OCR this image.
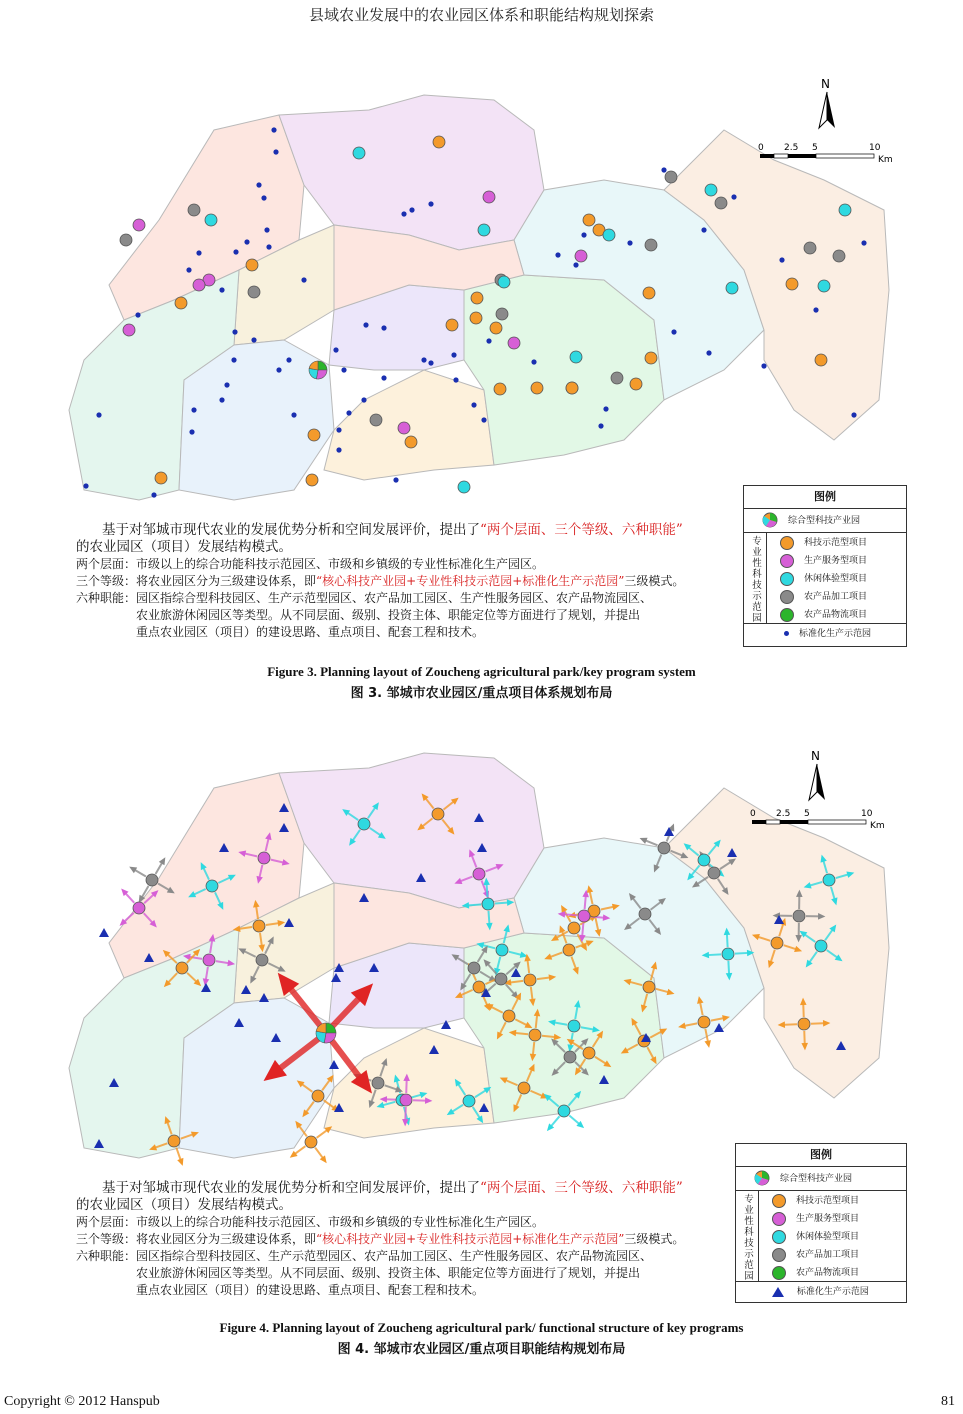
县域农业发展中的农业园区体系和职能结构规划探索
0 2.5 5	10
Km
N
基于对邹城市现代农业的发展优势分析和空间发展评价，提出了“两个层面、三个等级、六种职能”
的农业园区（项目）发展结构模式。
两个层面：市级以上的综合功能科技示范园区、市级和乡镇级的专业性标准化生产园区。
三个等级：将农业园区分为三级建设体系，即“核心科技产业园+专业性科技示范园+标准化生产示范园”三级模式。
六种职能：园区指综合型科技园区、生产示范型园区、农产品加工园区、生产性服务园区、农产品物流园区、
农业旅游休闲园区等类型。从不同层面、级别、投资主体、职能定位等方面进行了规划，并提出
重点农业园区（项目）的建设思路、重点项目、配套工程和技术。
图例
综合型科技产业园
专业性科技示范园
科技示范型项目
生产服务型项目
休闲体验型项目
农产品加工项目
农产品物流项目
标准化生产示范园
Figure 3. Planning layout of Zoucheng agricultural park/key program system
图 3. 邹城市农业园区/重点项目体系规划布局
0 2.5 5	10
Km
N
基于对邹城市现代农业的发展优势分析和空间发展评价，提出了“两个层面、三个等级、六种职能”
的农业园区（项目）发展结构模式。
两个层面：市级以上的综合功能科技示范园区、市级和乡镇级的专业性标准化生产园区。
三个等级：将农业园区分为三级建设体系，即“核心科技产业园+专业性科技示范园+标准化生产示范园”三级模式。
六种职能：园区指综合型科技园区、生产示范型园区、农产品加工园区、生产性服务园区、农产品物流园区、
农业旅游休闲园区等类型。从不同层面、级别、投资主体、职能定位等方面进行了规划，并提出
重点农业园区（项目）的建设思路、重点项目、配套工程和技术。
图例
综合型科技产业园
专业性科技示范园
科技示范型项目
生产服务型项目
休闲体验型项目
农产品加工项目
农产品物流项目
标准化生产示范园
Figure 4. Planning layout of Zoucheng agricultural park/ functional structure of key programs
图 4. 邹城市农业园区/重点项目职能结构规划布局
Copyright © 2012 Hanspub	81
